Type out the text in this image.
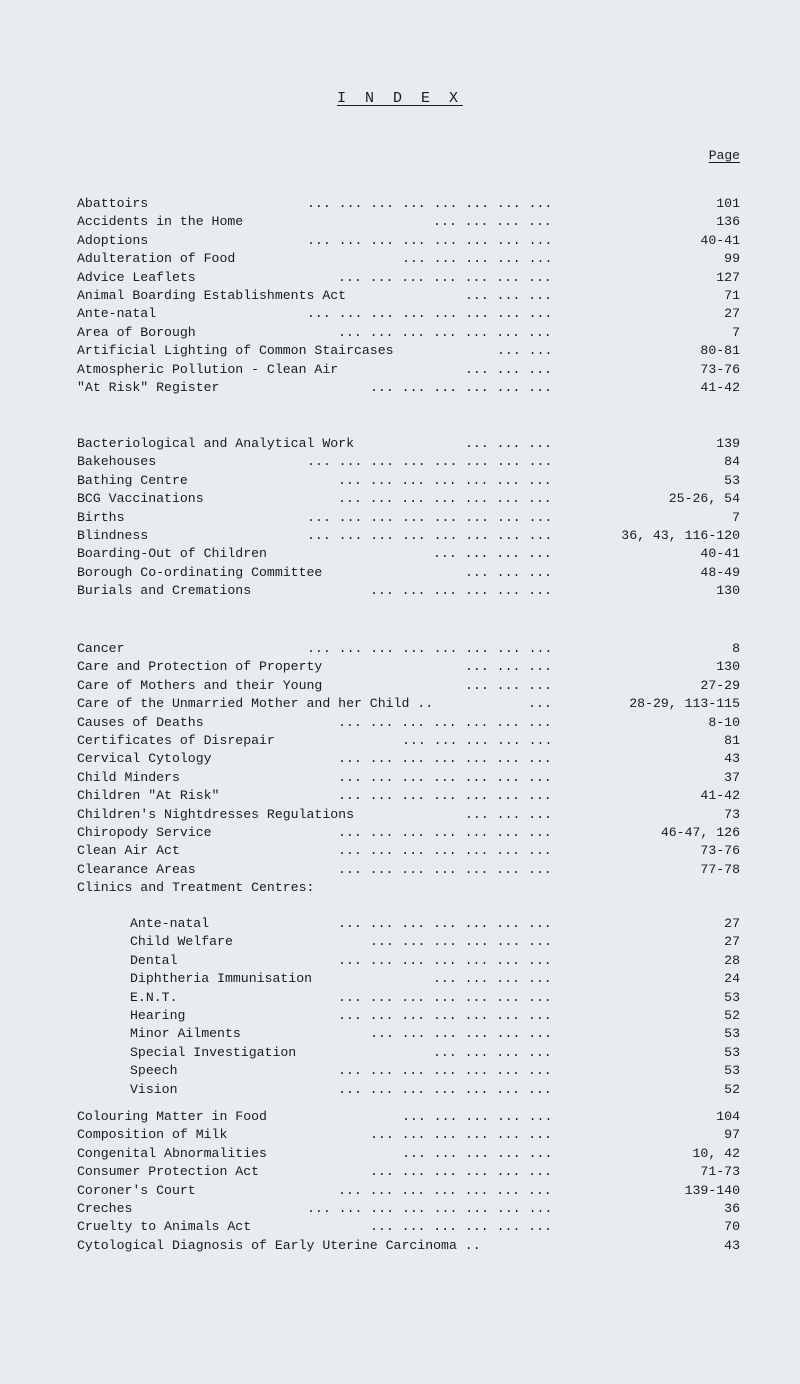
I N D E X
Page
Abattoirs	... ... ... ... ... ... ... ...	101
Accidents in the Home	... ... ... ...	136
Adoptions	... ... ... ... ... ... ... ...	40-41
Adulteration of Food	... ... ... ... ...	99
Advice Leaflets	... ... ... ... ... ... ...	127
Animal Boarding Establishments Act	... ... ...	71
Ante-natal	... ... ... ... ... ... ... ...	27
Area of Borough	... ... ... ... ... ... ...	7
Artificial Lighting of Common Staircases	... ...	80-81
Atmospheric Pollution - Clean Air	... ... ...	73-76
"At Risk" Register	... ... ... ... ... ...	41-42
Bacteriological and Analytical Work	... ... ...	139
Bakehouses	... ... ... ... ... ... ... ...	84
Bathing Centre	... ... ... ... ... ... ...	53
BCG Vaccinations	... ... ... ... ... ... ...	25-26, 54
Births	... ... ... ... ... ... ... ...	7
Blindness	... ... ... ... ... ... ... ...	36, 43, 116-120
Boarding-Out of Children	... ... ... ...	40-41
Borough Co-ordinating Committee	... ... ...	48-49
Burials and Cremations	... ... ... ... ... ...	130
Cancer	... ... ... ... ... ... ... ...	8
Care and Protection of Property	... ... ...	130
Care of Mothers and their Young	... ... ...	27-29
Care of the Unmarried Mother and her Child ..	...	28-29, 113-115
Causes of Deaths	... ... ... ... ... ... ...	8-10
Certificates of Disrepair	... ... ... ... ...	81
Cervical Cytology	... ... ... ... ... ... ...	43
Child Minders	... ... ... ... ... ... ...	37
Children "At Risk"	... ... ... ... ... ... ...	41-42
Children's Nightdresses Regulations	... ... ...	73
Chiropody Service	... ... ... ... ... ... ...	46-47, 126
Clean Air Act	... ... ... ... ... ... ...	73-76
Clearance Areas	... ... ... ... ... ... ...	77-78
Clinics and Treatment Centres:
Ante-natal	... ... ... ... ... ... ...	27
Child Welfare	... ... ... ... ... ...	27
Dental	... ... ... ... ... ... ...	28
Diphtheria Immunisation	... ... ... ...	24
E.N.T.	... ... ... ... ... ... ...	53
Hearing	... ... ... ... ... ... ...	52
Minor Ailments	... ... ... ... ... ...	53
Special Investigation	... ... ... ...	53
Speech	... ... ... ... ... ... ...	53
Vision	... ... ... ... ... ... ...	52
Colouring Matter in Food	... ... ... ... ...	104
Composition of Milk	... ... ... ... ... ...	97
Congenital Abnormalities	... ... ... ... ...	10, 42
Consumer Protection Act	... ... ... ... ... ...	71-73
Coroner's Court	... ... ... ... ... ... ...	139-140
Creches	... ... ... ... ... ... ... ...	36
Cruelty to Animals Act	... ... ... ... ... ...	70
Cytological Diagnosis of Early Uterine Carcinoma ..	43
